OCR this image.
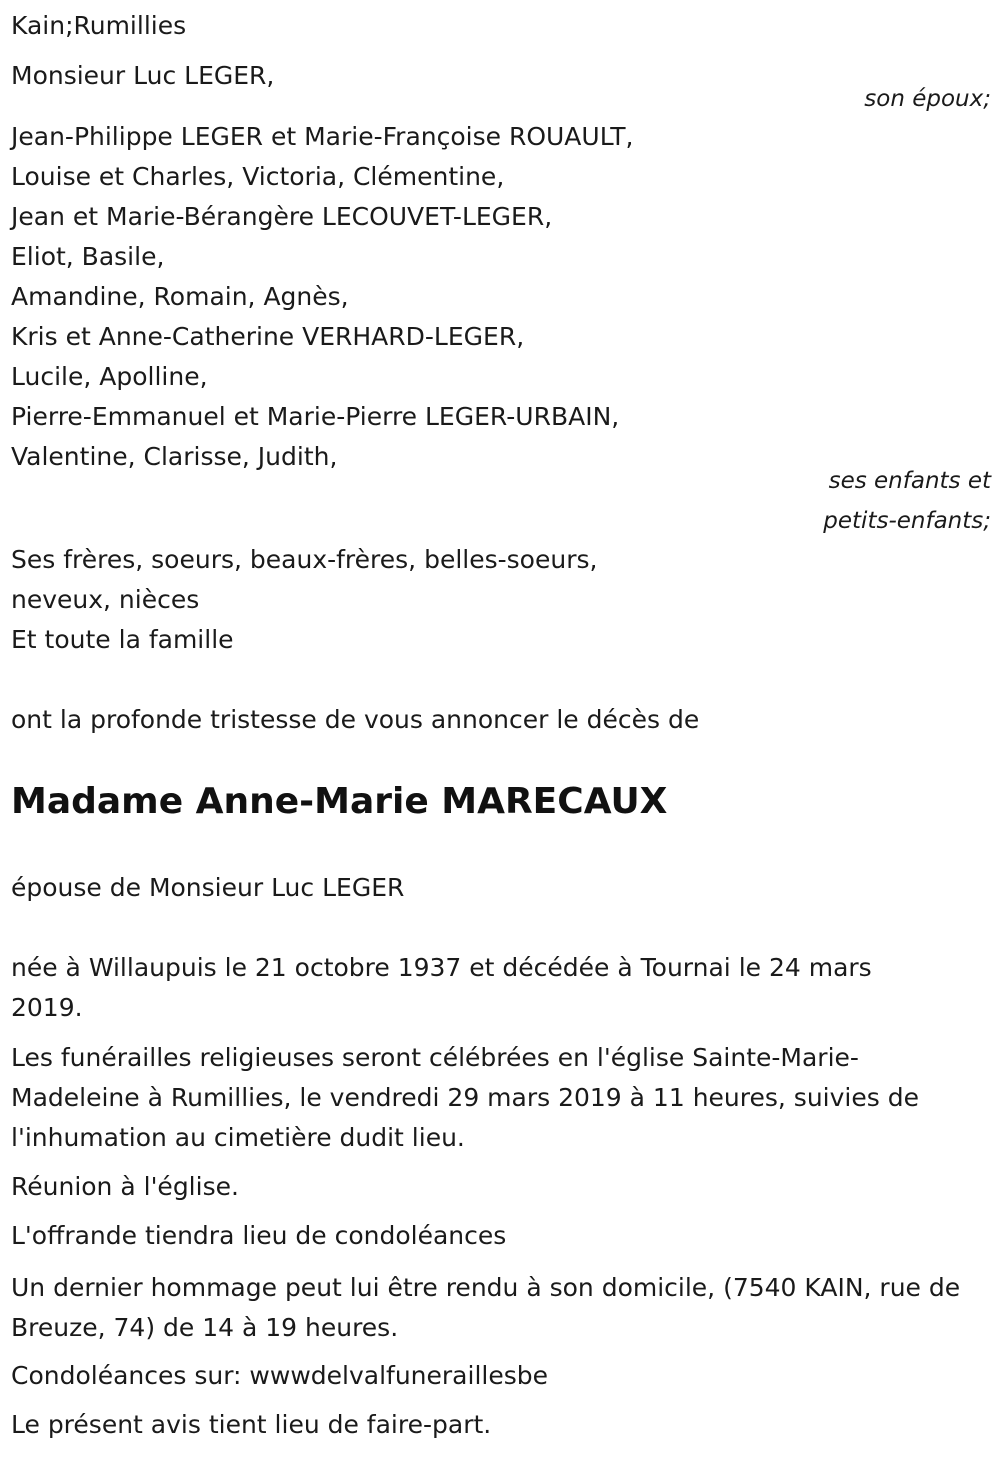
Kain;Rumillies
Monsieur Luc LEGER,
son époux;
Jean-Philippe LEGER et Marie-Françoise ROUAULT,
Louise et Charles, Victoria, Clémentine,
Jean et Marie-Bérangère LECOUVET-LEGER,
Eliot, Basile,
Amandine, Romain, Agnès,
Kris et Anne-Catherine VERHARD-LEGER,
Lucile, Apolline,
Pierre-Emmanuel et Marie-Pierre LEGER-URBAIN,
Valentine, Clarisse, Judith,
ses enfants et
petits-enfants;
Ses frères, soeurs, beaux-frères, belles-soeurs,
neveux, nièces
Et toute la famille
ont la profonde tristesse de vous annoncer le décès de
Madame Anne-Marie MARECAUX
épouse de Monsieur Luc LEGER
née à Willaupuis le 21 octobre 1937 et décédée à Tournai le 24 mars 2019.
Les funérailles religieuses seront célébrées en l'église Sainte-Marie-Madeleine à Rumillies, le vendredi 29 mars 2019 à 11 heures, suivies de l'inhumation au cimetière dudit lieu.
Réunion à l'église.
L'offrande tiendra lieu de condoléances
Un dernier hommage peut lui être rendu à son domicile, (7540 KAIN, rue de Breuze, 74) de 14 à 19 heures.
Condoléances sur: wwwdelvalfuneraillesbe
Le présent avis tient lieu de faire-part.
